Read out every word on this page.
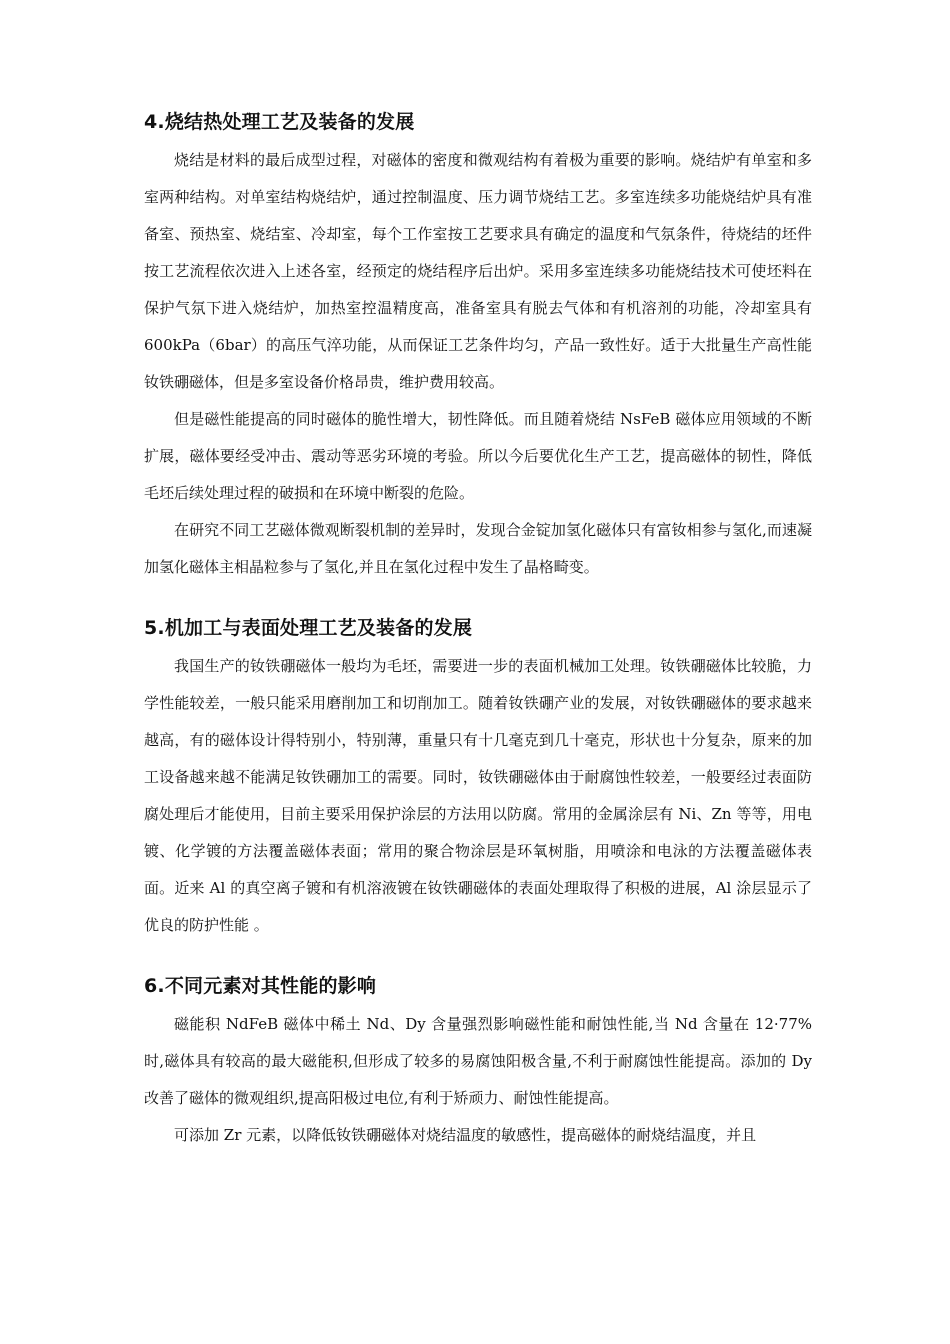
4.烧结热处理工艺及装备的发展

烧结是材料的最后成型过程，对磁体的密度和微观结构有着极为重要的影响。烧结炉有单室和多室两种结构。对单室结构烧结炉，通过控制温度、压力调节烧结工艺。多室连续多功能烧结炉具有准备室、预热室、烧结室、冷却室，每个工作室按工艺要求具有确定的温度和气氛条件，待烧结的坯件按工艺流程依次进入上述各室，经预定的烧结程序后出炉。采用多室连续多功能烧结技术可使坯料在保护气氛下进入烧结炉，加热室控温精度高，准备室具有脱去气体和有机溶剂的功能，冷却室具有 600kPa（6bar）的高压气淬功能，从而保证工艺条件均匀，产品一致性好。适于大批量生产高性能钕铁硼磁体，但是多室设备价格昂贵，维护费用较高。

但是磁性能提高的同时磁体的脆性增大，韧性降低。而且随着烧结 NsFeB 磁体应用领域的不断扩展，磁体要经受冲击、震动等恶劣环境的考验。所以今后要优化生产工艺，提高磁体的韧性，降低毛坯后续处理过程的破损和在环境中断裂的危险。

在研究不同工艺磁体微观断裂机制的差异时，发现合金锭加氢化磁体只有富钕相参与氢化,而速凝加氢化磁体主相晶粒参与了氢化,并且在氢化过程中发生了晶格畸变。

5.机加工与表面处理工艺及装备的发展

我国生产的钕铁硼磁体一般均为毛坯，需要进一步的表面机械加工处理。钕铁硼磁体比较脆，力学性能较差，一般只能采用磨削加工和切削加工。随着钕铁硼产业的发展，对钕铁硼磁体的要求越来越高，有的磁体设计得特别小，特别薄，重量只有十几毫克到几十毫克，形状也十分复杂，原来的加工设备越来越不能满足钕铁硼加工的需要。同时，钕铁硼磁体由于耐腐蚀性较差，一般要经过表面防腐处理后才能使用，目前主要采用保护涂层的方法用以防腐。常用的金属涂层有 Ni、Zn 等等，用电镀、化学镀的方法覆盖磁体表面；常用的聚合物涂层是环氧树脂，用喷涂和电泳的方法覆盖磁体表面。近来 Al 的真空离子镀和有机溶液镀在钕铁硼磁体的表面处理取得了积极的进展，Al 涂层显示了优良的防护性能 。

6.不同元素对其性能的影响

磁能积 NdFeB 磁体中稀土 Nd、Dy 含量强烈影响磁性能和耐蚀性能,当 Nd 含量在 12·77%时,磁体具有较高的最大磁能积,但形成了较多的易腐蚀阳极含量,不利于耐腐蚀性能提高。添加的 Dy 改善了磁体的微观组织,提高阳极过电位,有利于矫顽力、耐蚀性能提高。

可添加 Zr 元素，以降低钕铁硼磁体对烧结温度的敏感性，提高磁体的耐烧结温度，并且
